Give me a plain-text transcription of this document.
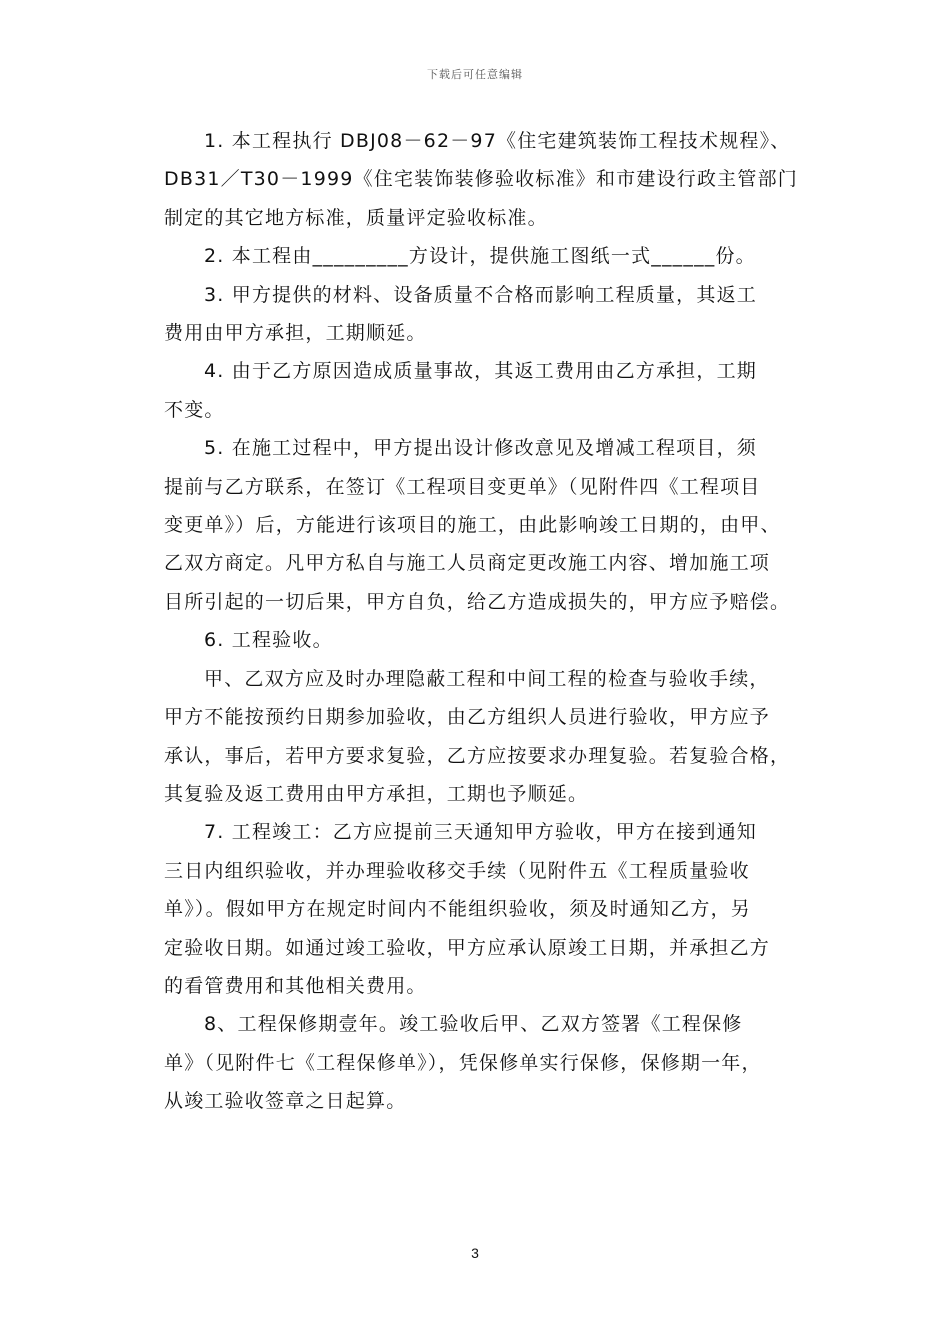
下载后可任意编辑

1. 本工程执行 DBJ08－62－97《住宅建筑装饰工程技术规程》、
DB31／T30－1999《住宅装饰装修验收标准》和市建设行政主管部门
制定的其它地方标准，质量评定验收标准。

2. 本工程由_________方设计，提供施工图纸一式______份。

3. 甲方提供的材料、设备质量不合格而影响工程质量，其返工
费用由甲方承担，工期顺延。

4. 由于乙方原因造成质量事故，其返工费用由乙方承担，工期
不变。

5. 在施工过程中，甲方提出设计修改意见及增减工程项目，须
提前与乙方联系，在签订《工程项目变更单》（见附件四《工程项目
变更单》）后，方能进行该项目的施工，由此影响竣工日期的，由甲、
乙双方商定。凡甲方私自与施工人员商定更改施工内容、增加施工项
目所引起的一切后果，甲方自负，给乙方造成损失的，甲方应予赔偿。

6. 工程验收。

甲、乙双方应及时办理隐蔽工程和中间工程的检查与验收手续，
甲方不能按预约日期参加验收，由乙方组织人员进行验收，甲方应予
承认，事后，若甲方要求复验，乙方应按要求办理复验。若复验合格，
其复验及返工费用由甲方承担，工期也予顺延。

7. 工程竣工：乙方应提前三天通知甲方验收，甲方在接到通知
三日内组织验收，并办理验收移交手续（见附件五《工程质量验收
单》）。假如甲方在规定时间内不能组织验收，须及时通知乙方，另
定验收日期。如通过竣工验收，甲方应承认原竣工日期，并承担乙方
的看管费用和其他相关费用。

8、工程保修期壹年。竣工验收后甲、乙双方签署《工程保修
单》（见附件七《工程保修单》），凭保修单实行保修，保修期一年，
从竣工验收签章之日起算。

3
